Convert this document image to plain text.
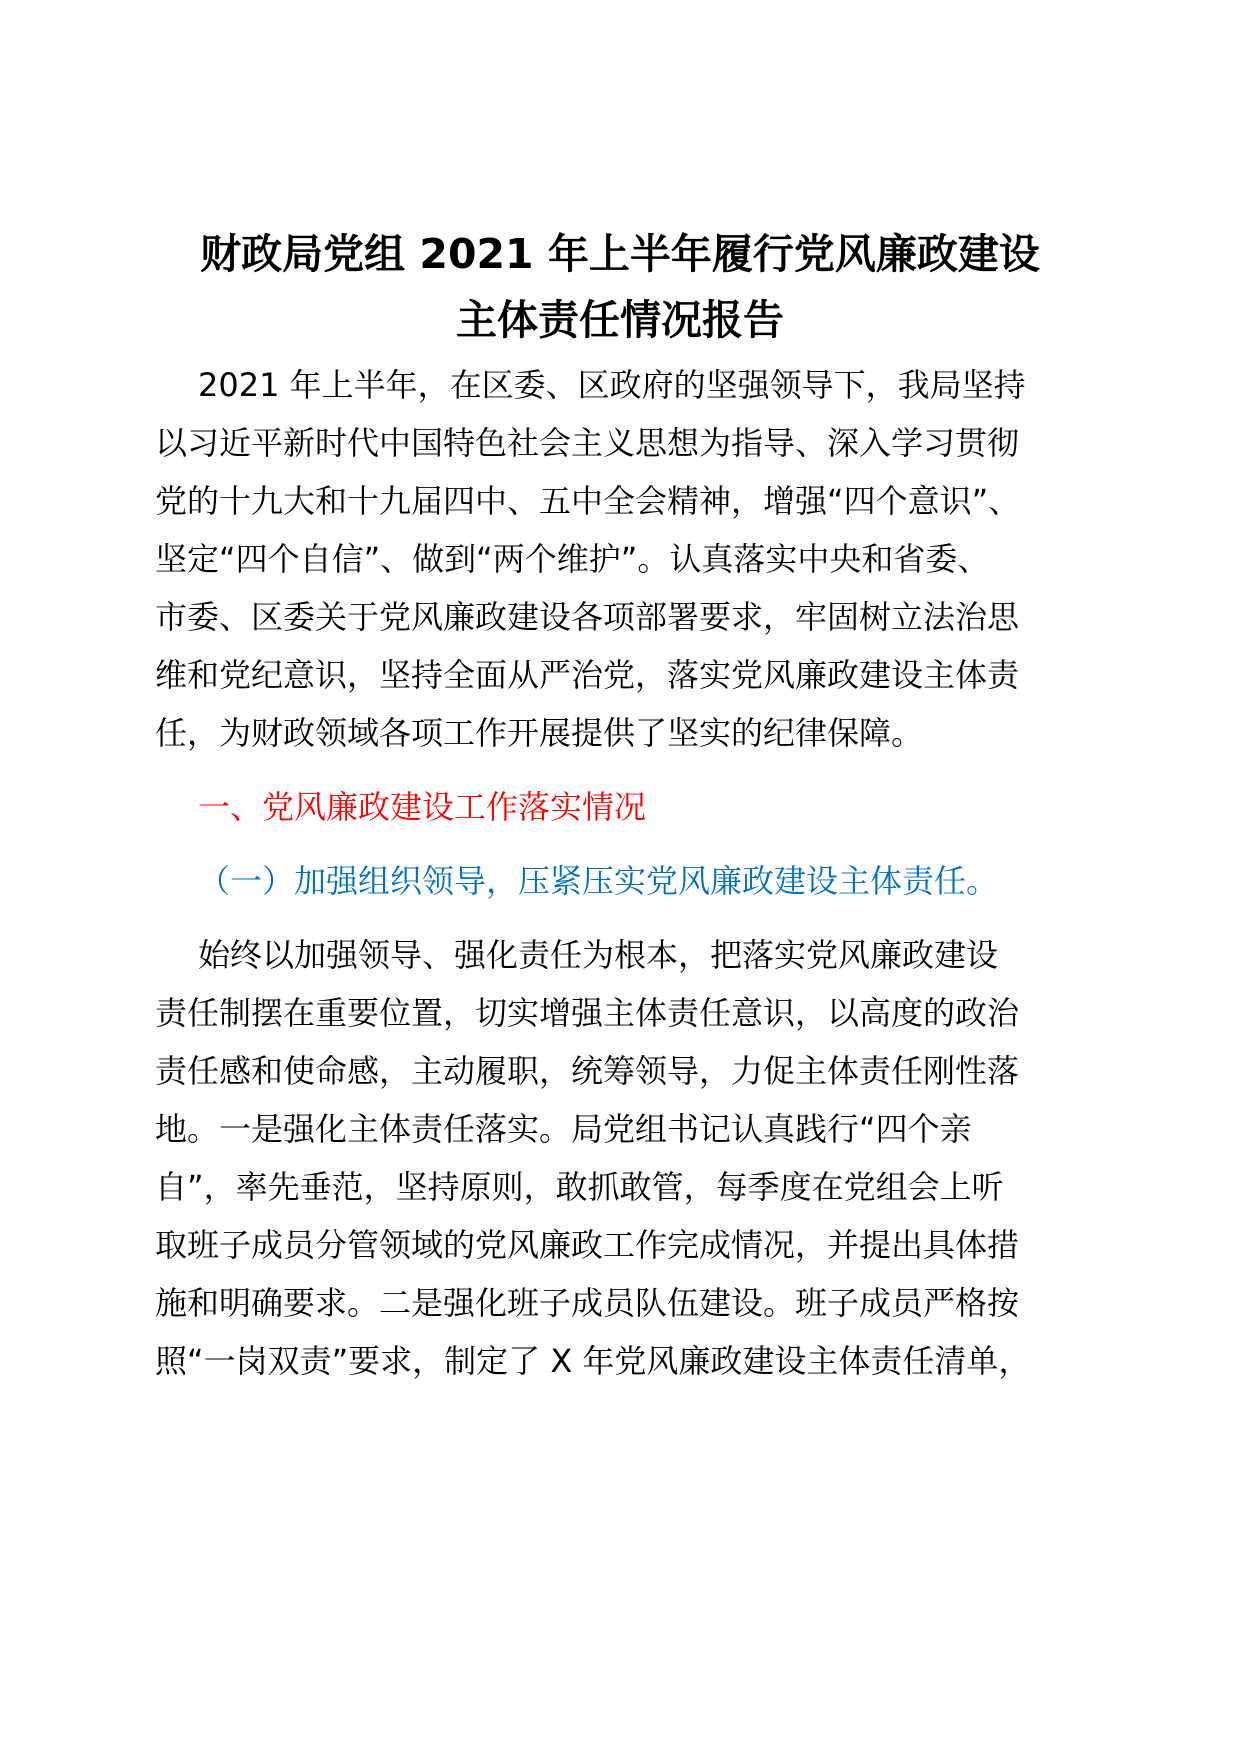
财政局党组 2021 年上半年履行党风廉政建设
主体责任情况报告
2021 年上半年，在区委、区政府的坚强领导下，我局坚持
以习近平新时代中国特色社会主义思想为指导、深入学习贯彻
党的十九大和十九届四中、五中全会精神，增强“四个意识”、
坚定“四个自信”、做到“两个维护”。认真落实中央和省委、
市委、区委关于党风廉政建设各项部署要求，牢固树立法治思
维和党纪意识，坚持全面从严治党，落实党风廉政建设主体责
任，为财政领域各项工作开展提供了坚实的纪律保障。
一、党风廉政建设工作落实情况
（一）加强组织领导，压紧压实党风廉政建设主体责任。
始终以加强领导、强化责任为根本，把落实党风廉政建设
责任制摆在重要位置，切实增强主体责任意识，以高度的政治
责任感和使命感，主动履职，统筹领导，力促主体责任刚性落
地。一是强化主体责任落实。局党组书记认真践行“四个亲
自”，率先垂范，坚持原则，敢抓敢管，每季度在党组会上听
取班子成员分管领域的党风廉政工作完成情况，并提出具体措
施和明确要求。二是强化班子成员队伍建设。班子成员严格按
照“一岗双责”要求，制定了 X 年党风廉政建设主体责任清单，
